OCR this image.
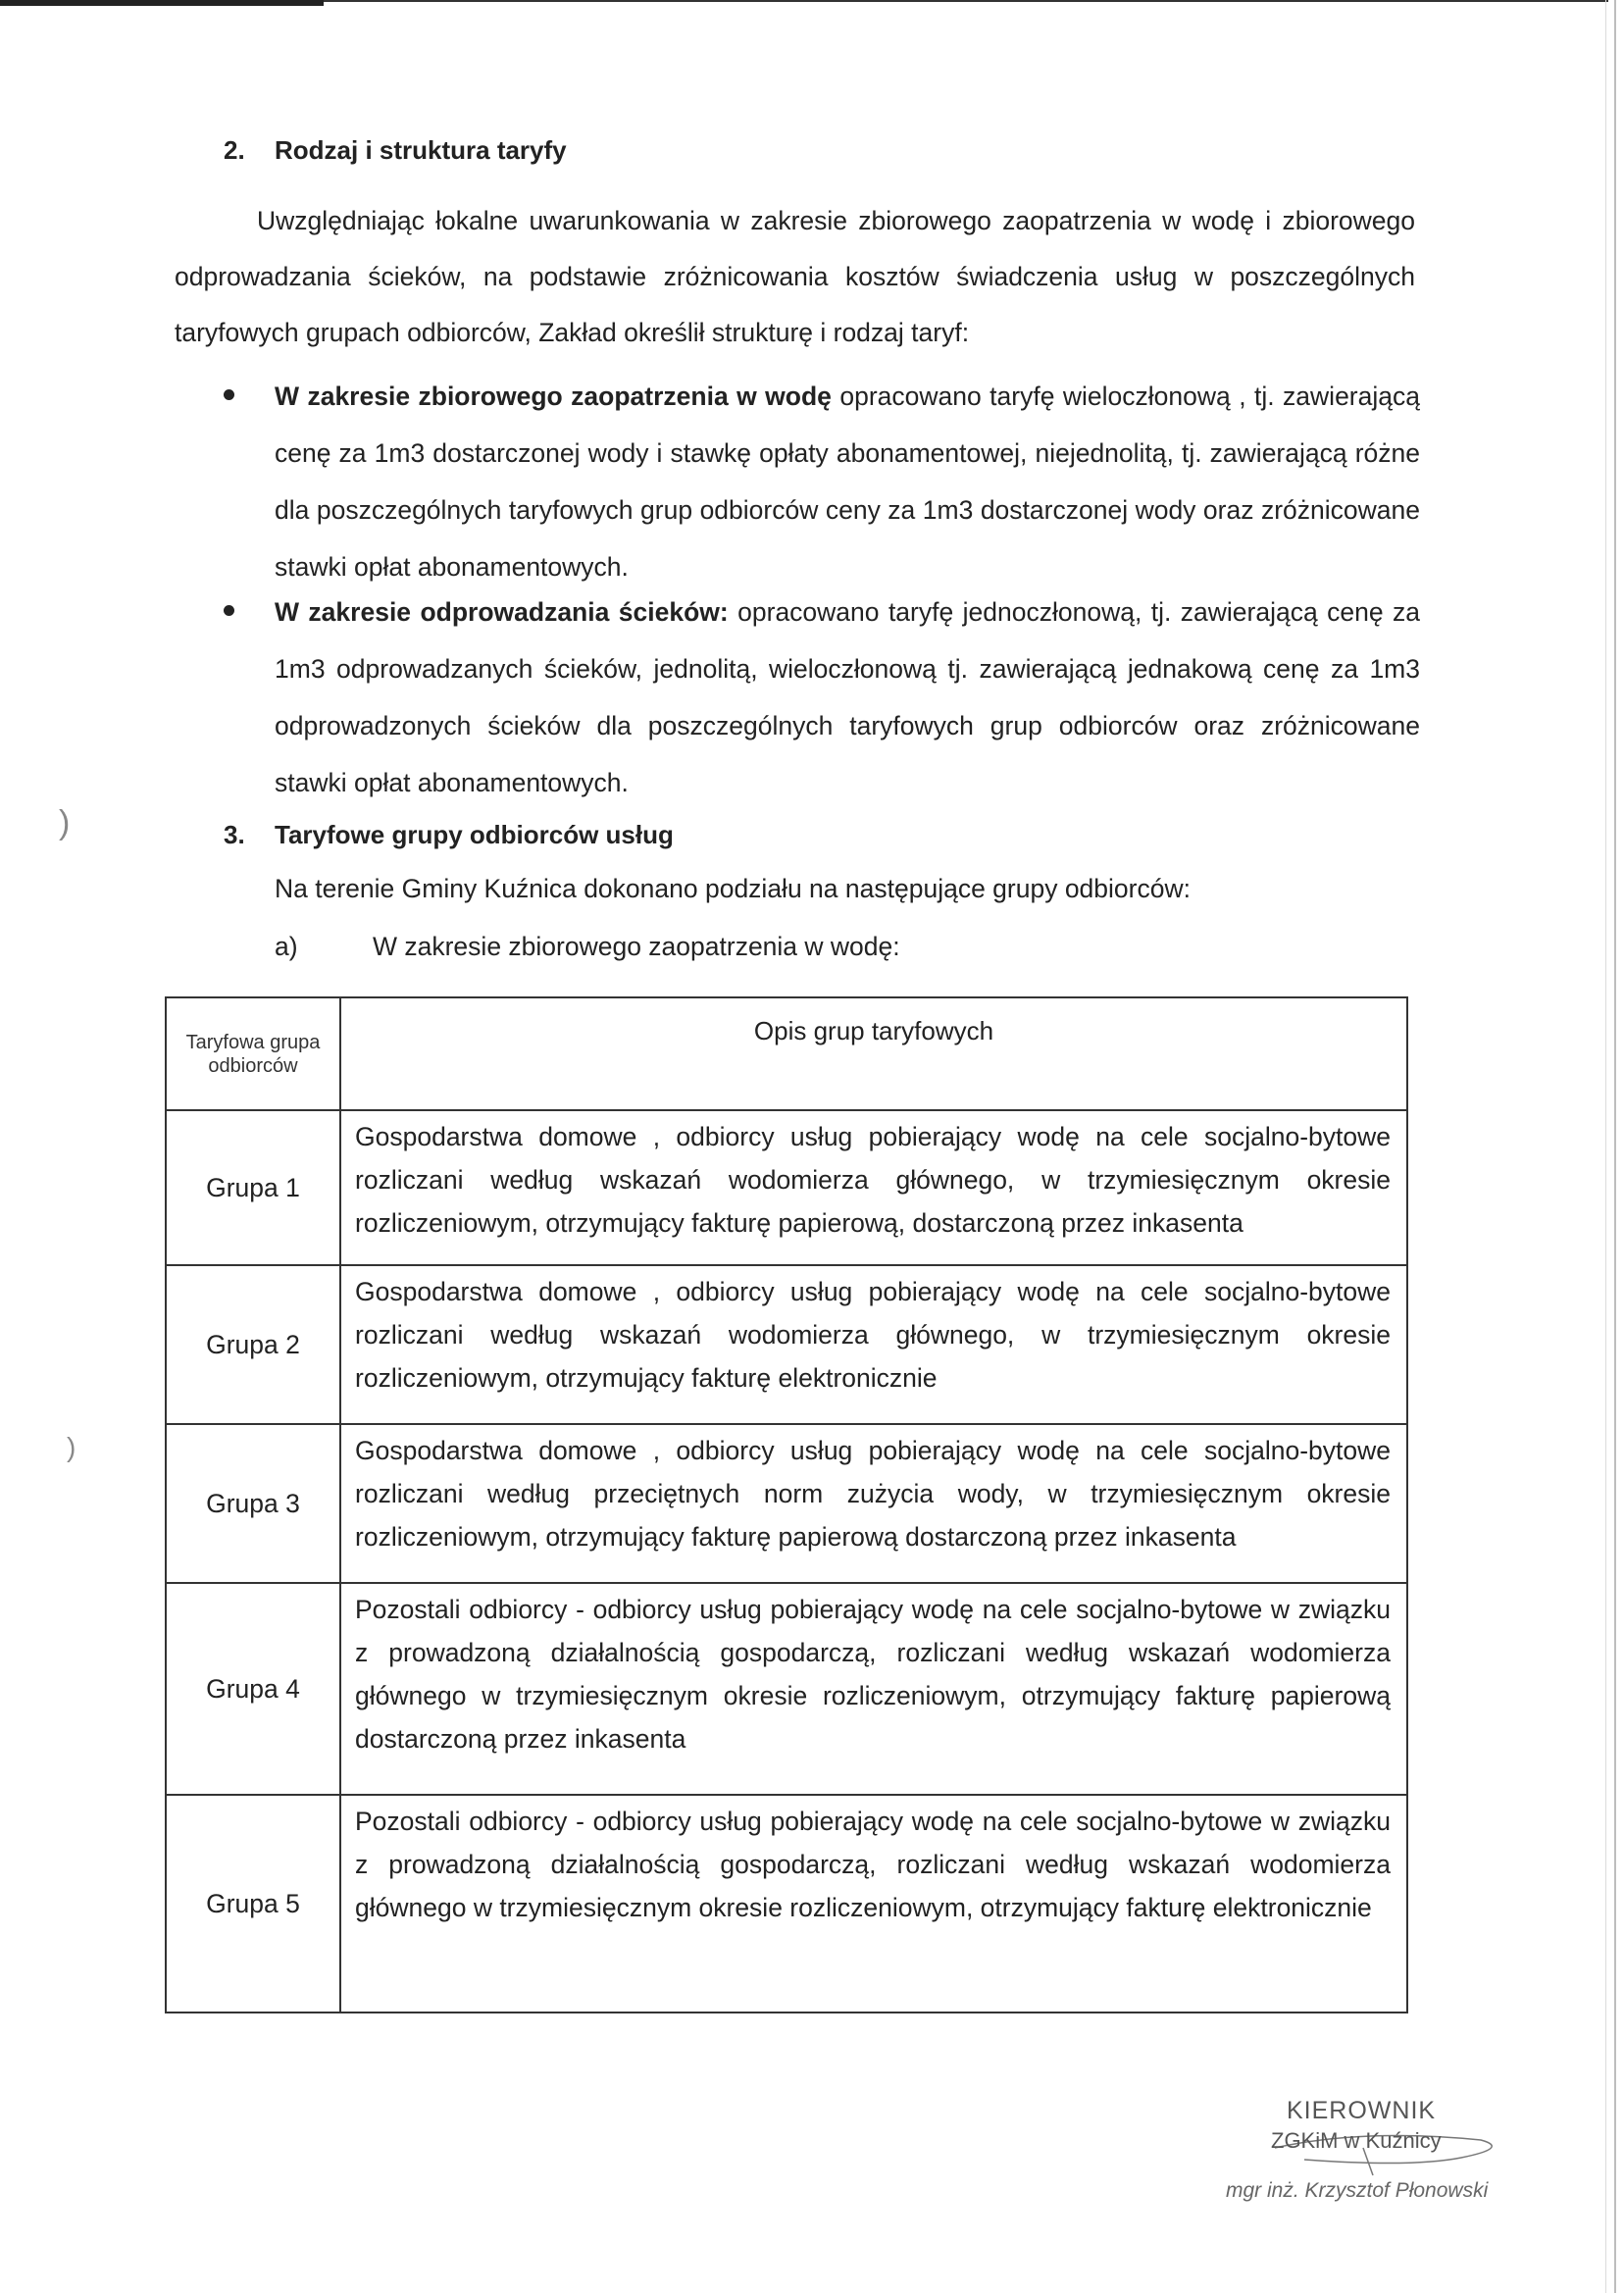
)
)
2. Rodzaj i struktura taryfy
Uwzględniając łokalne uwarunkowania w zakresie zbiorowego zaopatrzenia w wodę i zbiorowego odprowadzania ścieków, na podstawie zróżnicowania kosztów świadczenia usług w poszczególnych taryfowych grupach odbiorców, Zakład określił strukturę i rodzaj taryf:
W zakresie zbiorowego zaopatrzenia w wodę opracowano taryfę wieloczłonową , tj. zawierającą cenę za 1m3 dostarczonej wody i stawkę opłaty abonamentowej, niejednolitą, tj. zawierającą różne dla poszczególnych taryfowych grup odbiorców ceny za 1m3 dostarczonej wody oraz zróżnicowane stawki opłat abonamentowych.
W zakresie odprowadzania ścieków: opracowano taryfę jednoczłonową, tj. zawierającą cenę za 1m3 odprowadzanych ścieków, jednolitą, wieloczłonową tj. zawierającą jednakową cenę za 1m3 odprowadzonych ścieków dla poszczególnych taryfowych grup odbiorców oraz zróżnicowane stawki opłat abonamentowych.
3. Taryfowe grupy odbiorców usług
Na terenie Gminy Kuźnica dokonano podziału na następujące grupy odbiorców:
a)	W zakresie zbiorowego zaopatrzenia w wodę:
Taryfowa grupa odbiorców	Opis grup taryfowych
Grupa 1	Gospodarstwa domowe , odbiorcy usług pobierający wodę na cele socjalno-bytowe rozliczani według wskazań wodomierza głównego, w trzymiesięcznym okresie rozliczeniowym, otrzymujący fakturę papierową, dostarczoną przez inkasenta
Grupa 2	Gospodarstwa domowe , odbiorcy usług pobierający wodę na cele socjalno-bytowe rozliczani według wskazań wodomierza głównego, w trzymiesięcznym okresie rozliczeniowym, otrzymujący fakturę elektronicznie
Grupa 3	Gospodarstwa domowe , odbiorcy usług pobierający wodę na cele socjalno-bytowe rozliczani według przeciętnych norm zużycia wody, w trzymiesięcznym okresie rozliczeniowym, otrzymujący fakturę papierową dostarczoną przez inkasenta
Grupa 4	Pozostali odbiorcy - odbiorcy usług pobierający wodę na cele socjalno-bytowe w związku z prowadzoną działalnością gospodarczą, rozliczani według wskazań wodomierza głównego w trzymiesięcznym okresie rozliczeniowym, otrzymujący fakturę papierową dostarczoną przez inkasenta
Grupa 5	Pozostali odbiorcy - odbiorcy usług pobierający wodę na cele socjalno-bytowe w związku z prowadzoną działalnością gospodarczą, rozliczani według wskazań wodomierza głównego w trzymiesięcznym okresie rozliczeniowym, otrzymujący fakturę elektronicznie
KIEROWNIK
ZGKiM w Kuźnicy
mgr inż. Krzysztof Płonowski
